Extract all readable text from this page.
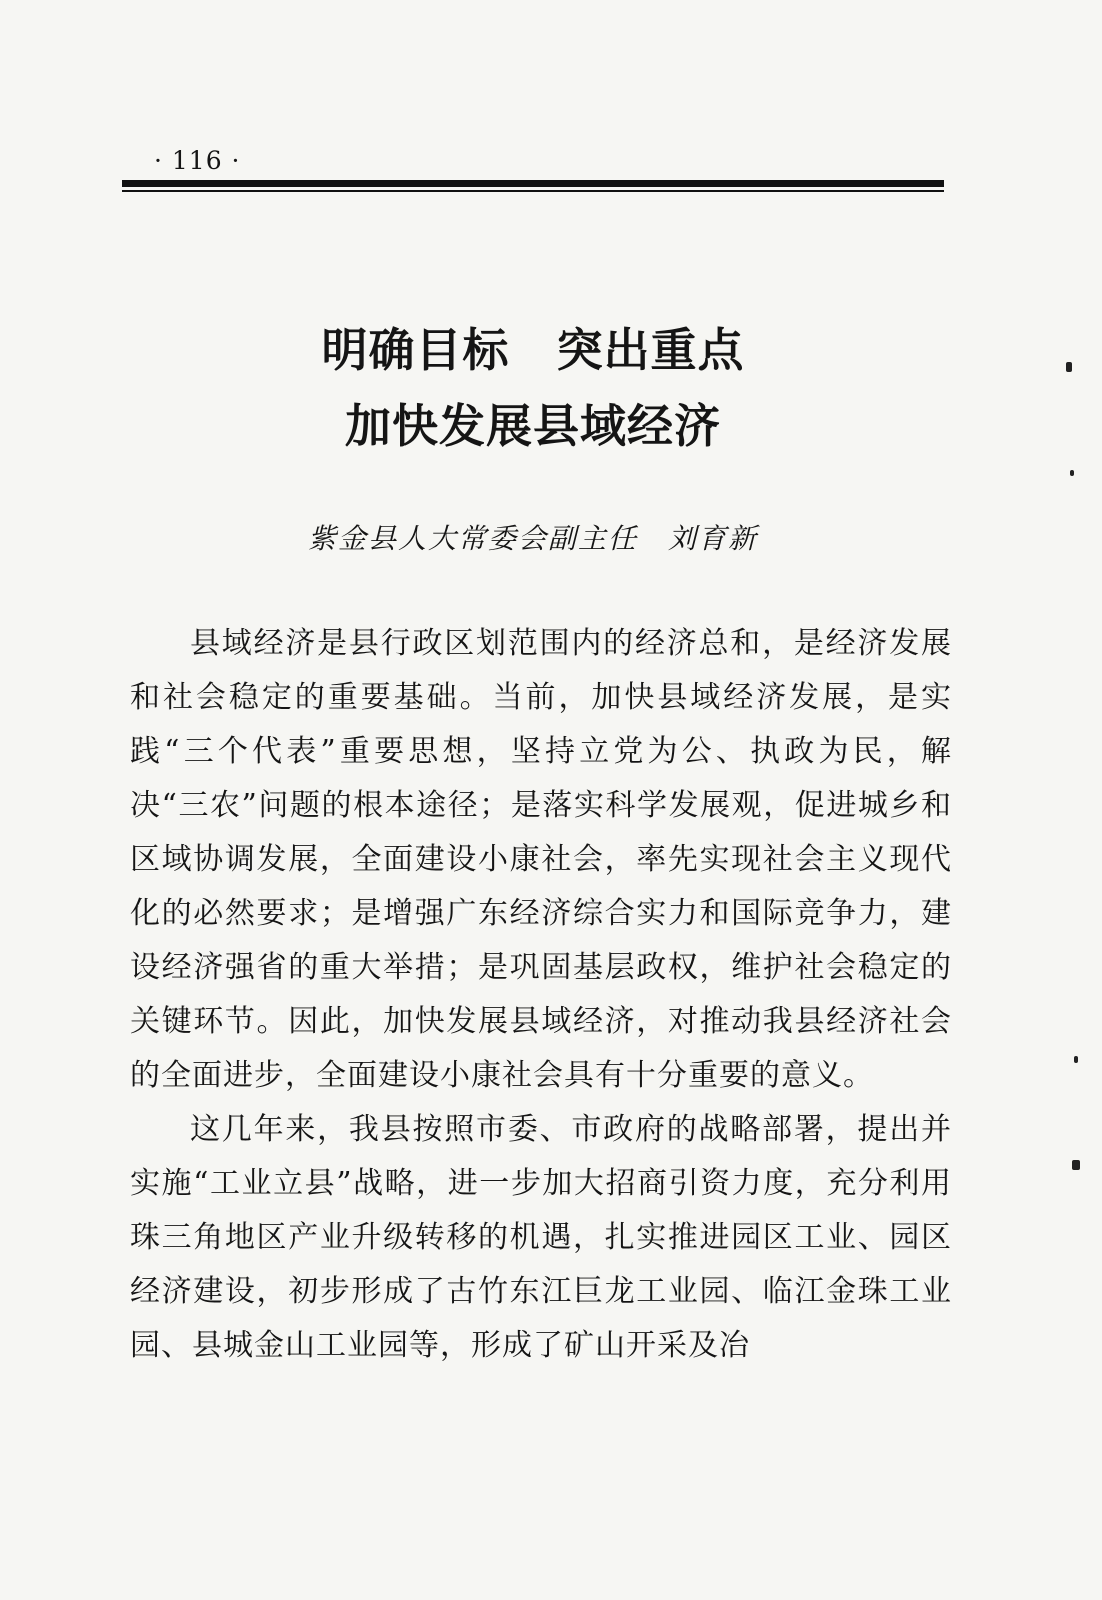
· 116 ·
明确目标　突出重点
加快发展县域经济
紫金县人大常委会副主任　刘育新

县域经济是县行政区划范围内的经济总和，是经济发展和社会稳定的重要基础。当前，加快县域经济发展，是实践“三个代表”重要思想，坚持立党为公、执政为民，解决“三农”问题的根本途径；是落实科学发展观，促进城乡和区域协调发展，全面建设小康社会，率先实现社会主义现代化的必然要求；是增强广东经济综合实力和国际竞争力，建设经济强省的重大举措；是巩固基层政权，维护社会稳定的关键环节。因此，加快发展县域经济，对推动我县经济社会的全面进步，全面建设小康社会具有十分重要的意义。

这几年来，我县按照市委、市政府的战略部署，提出并实施“工业立县”战略，进一步加大招商引资力度，充分利用珠三角地区产业升级转移的机遇，扎实推进园区工业、园区经济建设，初步形成了古竹东江巨龙工业园、临江金珠工业园、县城金山工业园等，形成了矿山开采及冶
